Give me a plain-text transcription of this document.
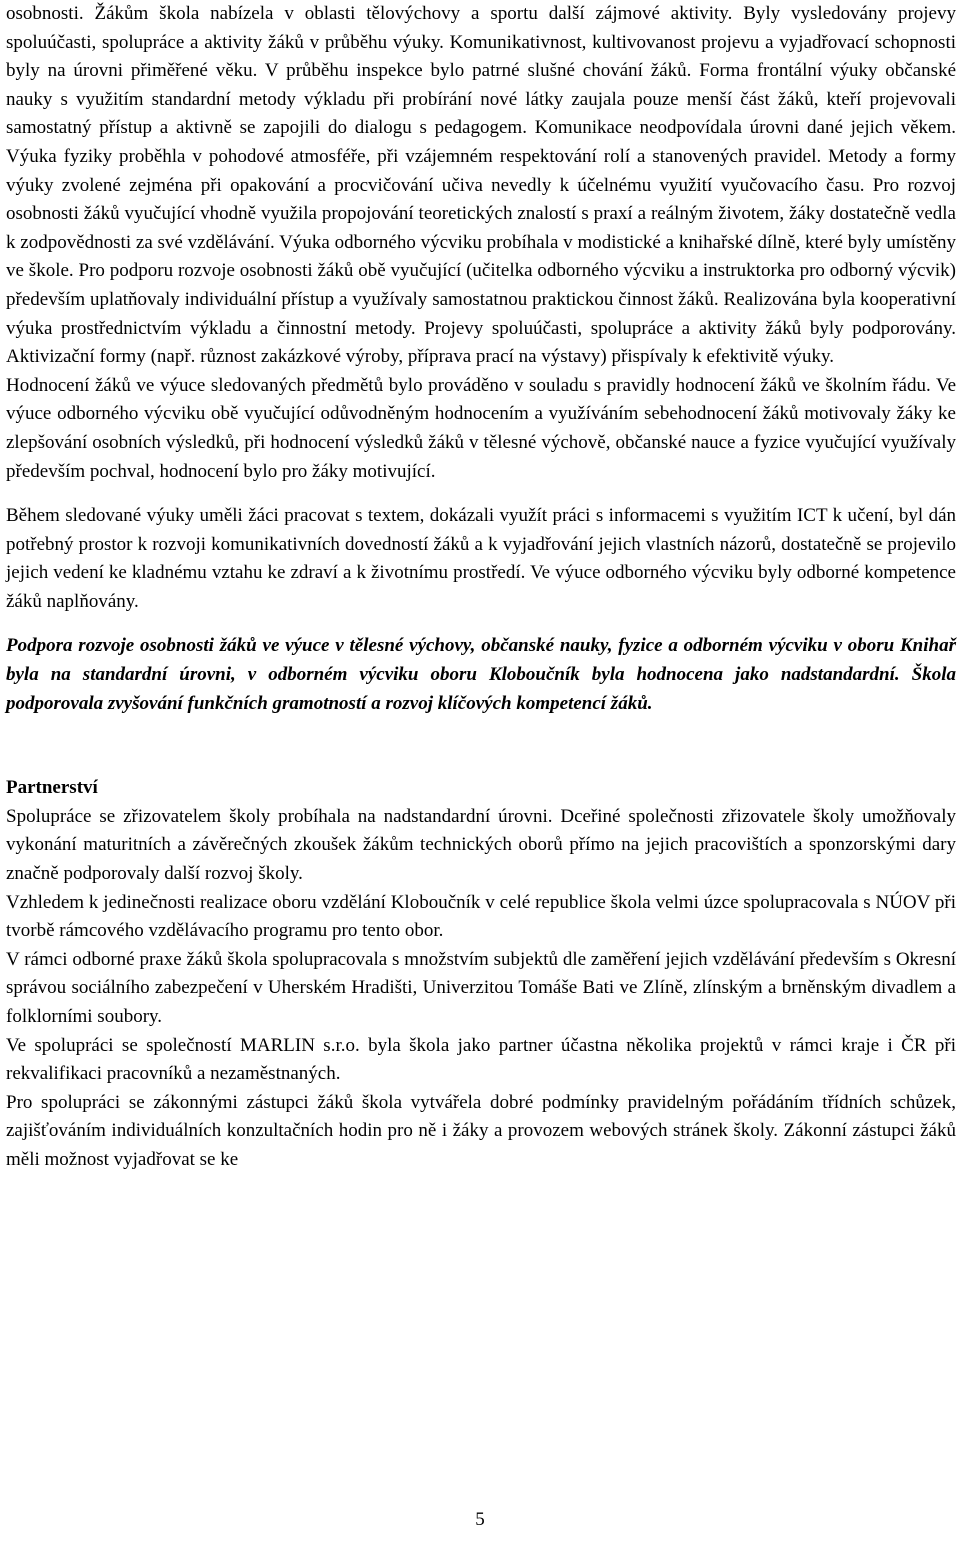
osobnosti. Žákům škola nabízela v oblasti tělovýchovy a sportu další zájmové aktivity. Byly vysledovány projevy spoluúčasti, spolupráce a aktivity žáků v průběhu výuky. Komunikativnost, kultivovanost projevu a vyjadřovací schopnosti byly na úrovni přiměřené věku. V průběhu inspekce bylo patrné slušné chování žáků. Forma frontální výuky občanské nauky s využitím standardní metody výkladu při probírání nové látky zaujala pouze menší část žáků, kteří projevovali samostatný přístup a aktivně se zapojili do dialogu s pedagogem. Komunikace neodpovídala úrovni dané jejich věkem. Výuka fyziky proběhla v pohodové atmosféře, při vzájemném respektování rolí a stanovených pravidel. Metody a formy výuky zvolené zejména při opakování a procvičování učiva nevedly k účelnému využití vyučovacího času. Pro rozvoj osobnosti žáků vyučující vhodně využila propojování teoretických znalostí s praxí a reálným životem, žáky dostatečně vedla k zodpovědnosti za své vzdělávání. Výuka odborného výcviku probíhala v modistické a knihařské dílně, které byly umístěny ve škole. Pro podporu rozvoje osobnosti žáků obě vyučující (učitelka odborného výcviku a instruktorka pro odborný výcvik) především uplatňovaly individuální přístup a využívaly samostatnou praktickou činnost žáků. Realizována byla kooperativní výuka prostřednictvím výkladu a činnostní metody. Projevy spoluúčasti, spolupráce a aktivity žáků byly podporovány. Aktivizační formy (např. různost zakázkové výroby, příprava prací na výstavy) přispívaly k efektivitě výuky.

Hodnocení žáků ve výuce sledovaných předmětů bylo prováděno v souladu s pravidly hodnocení žáků ve školním řádu. Ve výuce odborného výcviku obě vyučující odůvodněným hodnocením a využíváním sebehodnocení žáků motivovaly žáky ke zlepšování osobních výsledků, při hodnocení výsledků žáků v tělesné výchově, občanské nauce a fyzice vyučující využívaly především pochval, hodnocení bylo pro žáky motivující.

Během sledované výuky uměli žáci pracovat s textem, dokázali využít práci s informacemi s využitím ICT k učení, byl dán potřebný prostor k rozvoji komunikativních dovedností žáků a k vyjadřování jejich vlastních názorů, dostatečně se projevilo jejich vedení ke kladnému vztahu ke zdraví a k životnímu prostředí. Ve výuce odborného výcviku byly odborné kompetence žáků naplňovány.

Podpora rozvoje osobnosti žáků ve výuce v tělesné výchovy, občanské nauky, fyzice a odborném výcviku v oboru Knihař byla na standardní úrovni, v odborném výcviku oboru Kloboučník byla hodnocena jako nadstandardní. Škola podporovala zvyšování funkčních gramotností a rozvoj klíčových kompetencí žáků.

Partnerství

Spolupráce se zřizovatelem školy probíhala na nadstandardní úrovni. Dceřiné společnosti zřizovatele školy umožňovaly vykonání maturitních a závěrečných zkoušek žákům technických oborů přímo na jejich pracovištích a sponzorskými dary značně podporovaly další rozvoj školy.

Vzhledem k jedinečnosti realizace oboru vzdělání Kloboučník v celé republice škola velmi úzce spolupracovala s NÚOV při tvorbě rámcového vzdělávacího programu pro tento obor.

V rámci odborné praxe žáků škola spolupracovala s množstvím subjektů dle zaměření jejich vzdělávání především s Okresní správou sociálního zabezpečení v Uherském Hradišti, Univerzitou Tomáše Bati ve Zlíně, zlínským a brněnským divadlem a folklorními soubory.

Ve spolupráci se společností MARLIN s.r.o. byla škola jako partner účastna několika projektů v rámci kraje i ČR při rekvalifikaci pracovníků a nezaměstnaných.

Pro spolupráci se zákonnými zástupci žáků škola vytvářela dobré podmínky pravidelným pořádáním třídních schůzek, zajišťováním individuálních konzultačních hodin pro ně i žáky a provozem webových stránek školy. Zákonní zástupci žáků měli možnost vyjadřovat se ke

5
